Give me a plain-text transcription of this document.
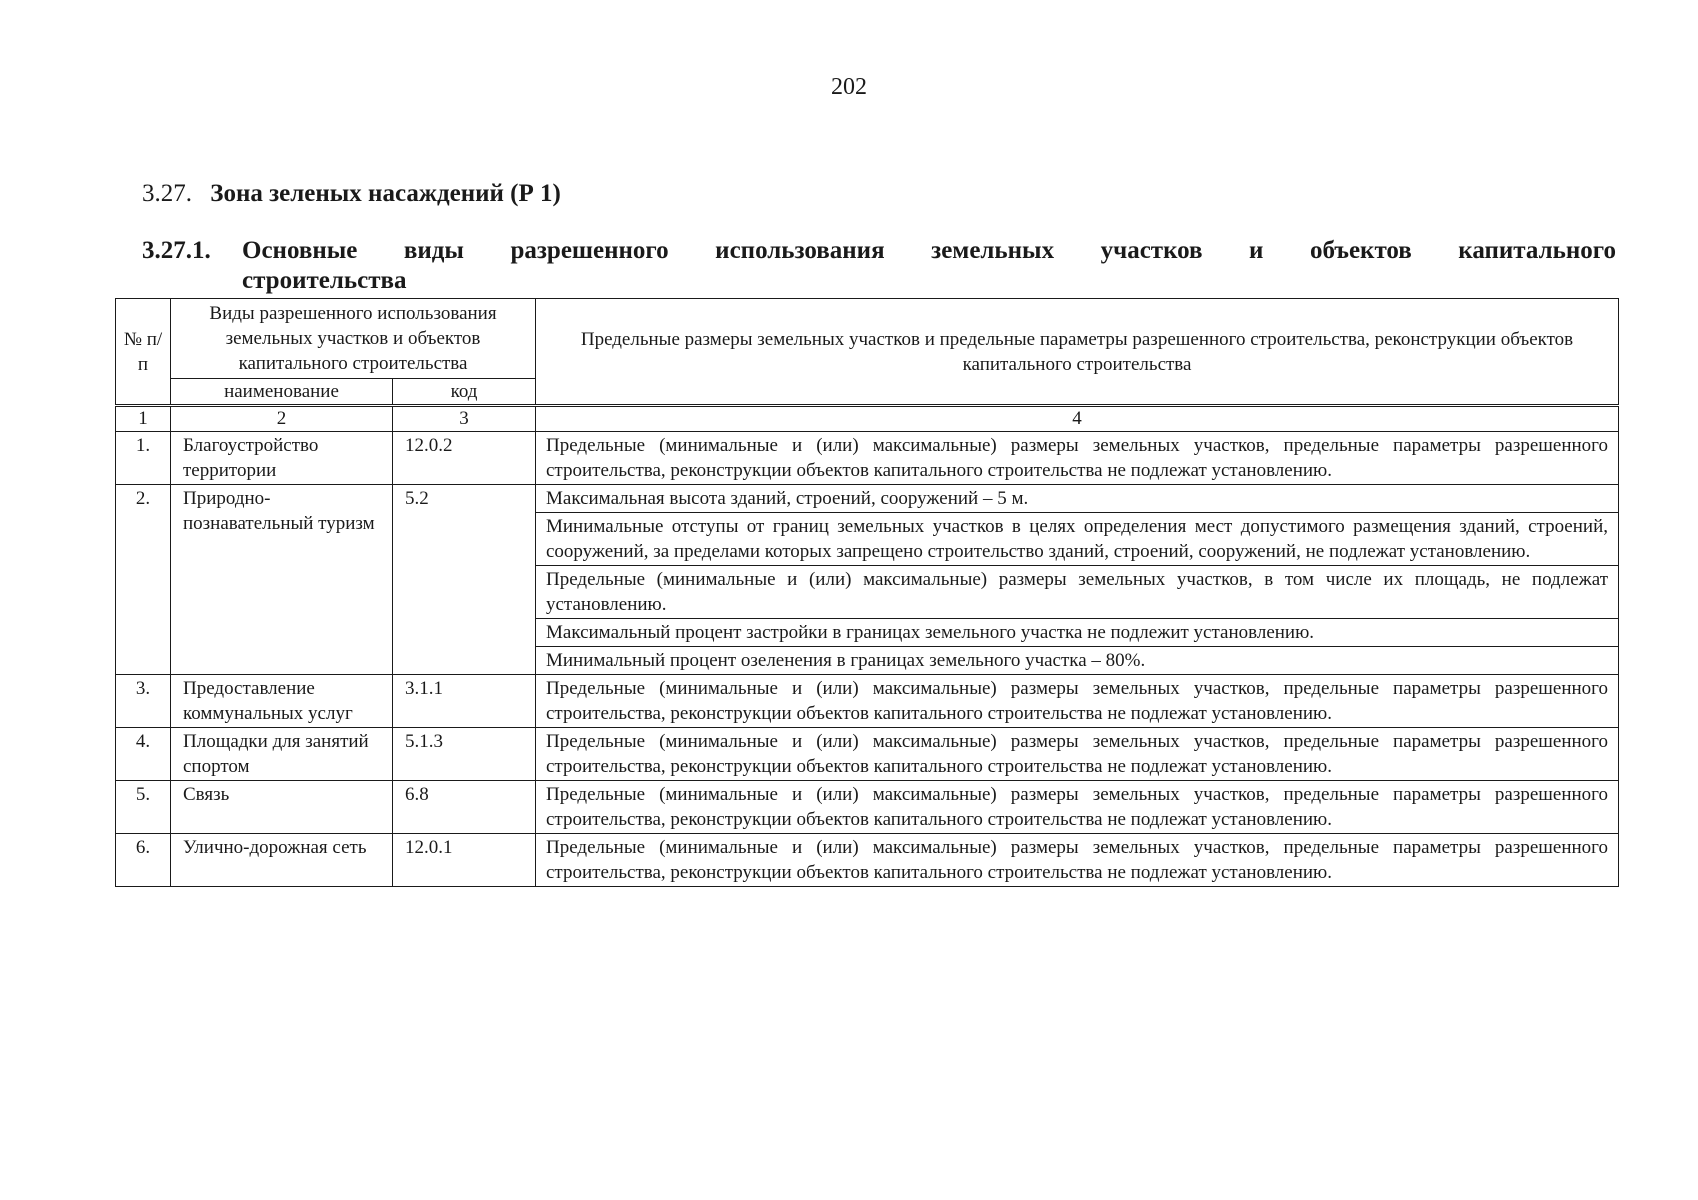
202
3.27. Зона зеленых насаждений (Р 1)
3.27.1. Основные виды разрешенного использования земельных участков и объектов капитального
строительства
№ п/п	Виды разрешенного использования земельных участков и объектов капитального строительства		Предельные размеры земельных участков и предельные параметры разрешенного строительства, реконструкции объектов капитального строительства
	наименование	код	
1	2	3	4
1.	Благоустройство территории	12.0.2	Предельные (минимальные и (или) максимальные) размеры земельных участков, предельные параметры разрешенного строительства, реконструкции объектов капитального строительства не подлежат установлению.
2.	Природно-познавательный туризм	5.2	Максимальная высота зданий, строений, сооружений – 5 м.
			Минимальные отступы от границ земельных участков в целях определения мест допустимого размещения зданий, строений, сооружений, за пределами которых запрещено строительство зданий, строений, сооружений, не подлежат установлению.
			Предельные (минимальные и (или) максимальные) размеры земельных участков, в том числе их площадь, не подлежат установлению.
			Максимальный процент застройки в границах земельного участка не подлежит установлению.
			Минимальный процент озеленения в границах земельного участка – 80%.
3.	Предоставление коммунальных услуг	3.1.1	Предельные (минимальные и (или) максимальные) размеры земельных участков, предельные параметры разрешенного строительства, реконструкции объектов капитального строительства не подлежат установлению.
4.	Площадки для занятий спортом	5.1.3	Предельные (минимальные и (или) максимальные) размеры земельных участков, предельные параметры разрешенного строительства, реконструкции объектов капитального строительства не подлежат установлению.
5.	Связь	6.8	Предельные (минимальные и (или) максимальные) размеры земельных участков, предельные параметры разрешенного строительства, реконструкции объектов капитального строительства не подлежат установлению.
6.	Улично-дорожная сеть	12.0.1	Предельные (минимальные и (или) максимальные) размеры земельных участков, предельные параметры разрешенного строительства, реконструкции объектов капитального строительства не подлежат установлению.
